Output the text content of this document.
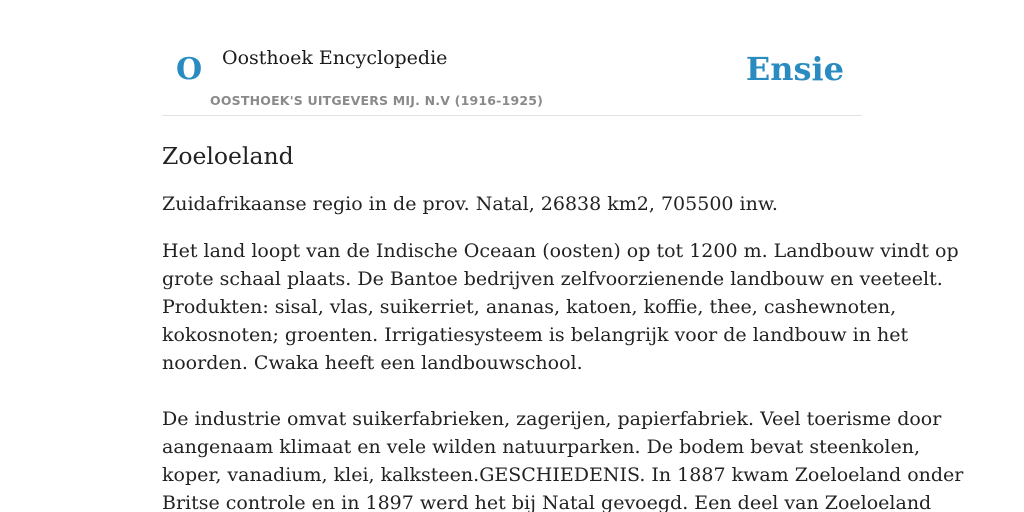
O Oosthoek Encyclopedie
OOSTHOEK'S UITGEVERS MIJ. N.V (1916-1925)
Ensie
Zoeloeland

Zuidafrikaanse regio in de prov. Natal, 26838 km2, 705500 inw.

Het land loopt van de Indische Oceaan (oosten) op tot 1200 m. Landbouw vindt op
grote schaal plaats. De Bantoe bedrijven zelfvoorzienende landbouw en veeteelt.
Produkten: sisal, vlas, suikerriet, ananas, katoen, koffie, thee, cashewnoten,
kokosnoten; groenten. Irrigatiesysteem is belangrijk voor de landbouw in het
noorden. Cwaka heeft een landbouwschool.
De industrie omvat suikerfabrieken, zagerijen, papierfabriek. Veel toerisme door
aangenaam klimaat en vele wilden natuurparken. De bodem bevat steenkolen,
koper, vanadium, klei, kalksteen.GESCHIEDENIS. In 1887 kwam Zoeloeland onder
Britse controle en in 1897 werd het bij Natal gevoegd. Een deel van Zoeloeland
